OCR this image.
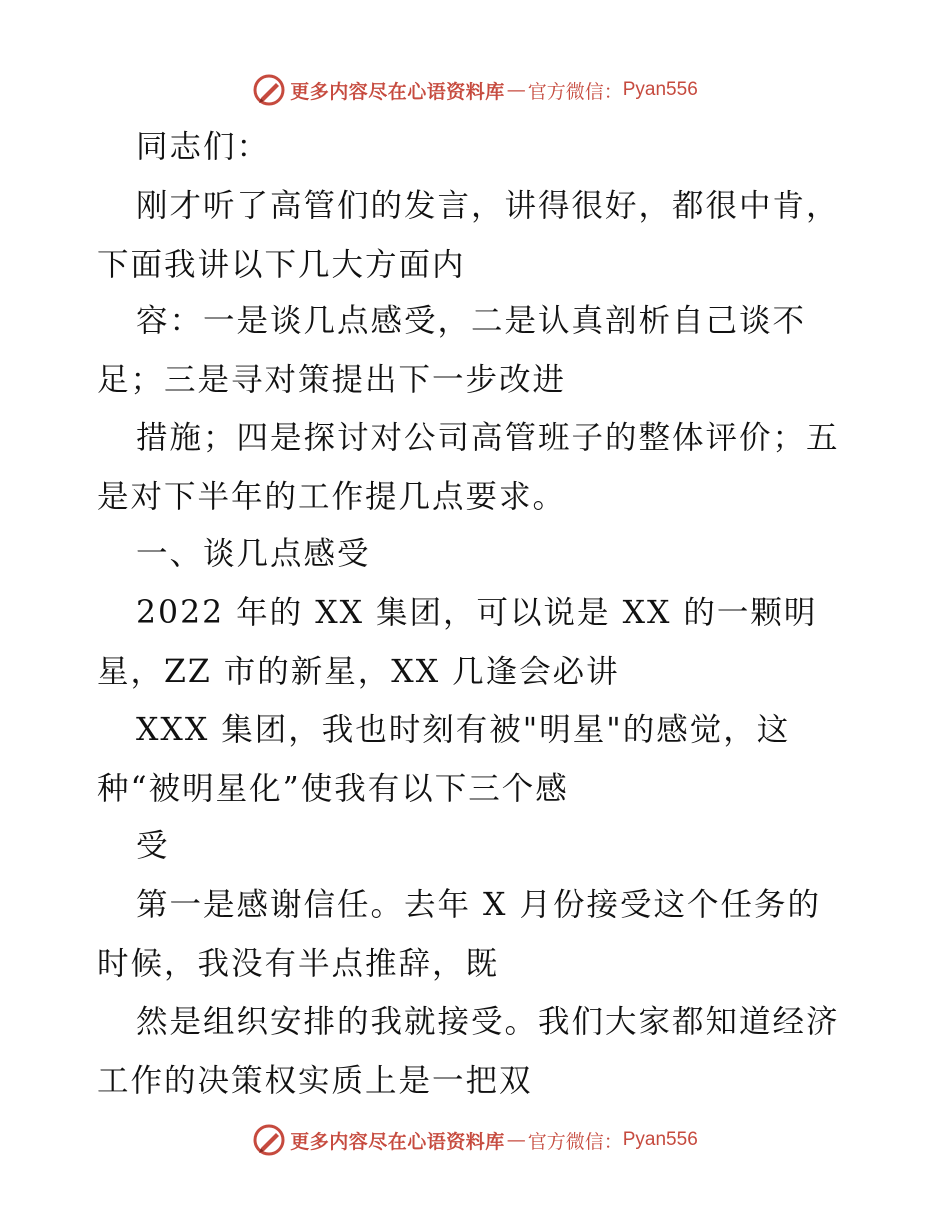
更多内容尽在心语资料库 — 官方微信： Pyan556
同志们：
刚才听了高管们的发言，讲得很好，都很中肯，
下面我讲以下几大方面内
容：一是谈几点感受，二是认真剖析自己谈不
足；三是寻对策提出下一步改进
措施；四是探讨对公司高管班子的整体评价；五
是对下半年的工作提几点要求。
一、谈几点感受
2022 年的 XX 集团，可以说是 XX 的一颗明
星，ZZ 市的新星，XX 几逢会必讲
XXX 集团，我也时刻有被"明星"的感觉，这
种“被明星化”使我有以下三个感
受
第一是感谢信任。去年 X 月份接受这个任务的
时候，我没有半点推辞，既
然是组织安排的我就接受。我们大家都知道经济
工作的决策权实质上是一把双
更多内容尽在心语资料库 — 官方微信： Pyan556
